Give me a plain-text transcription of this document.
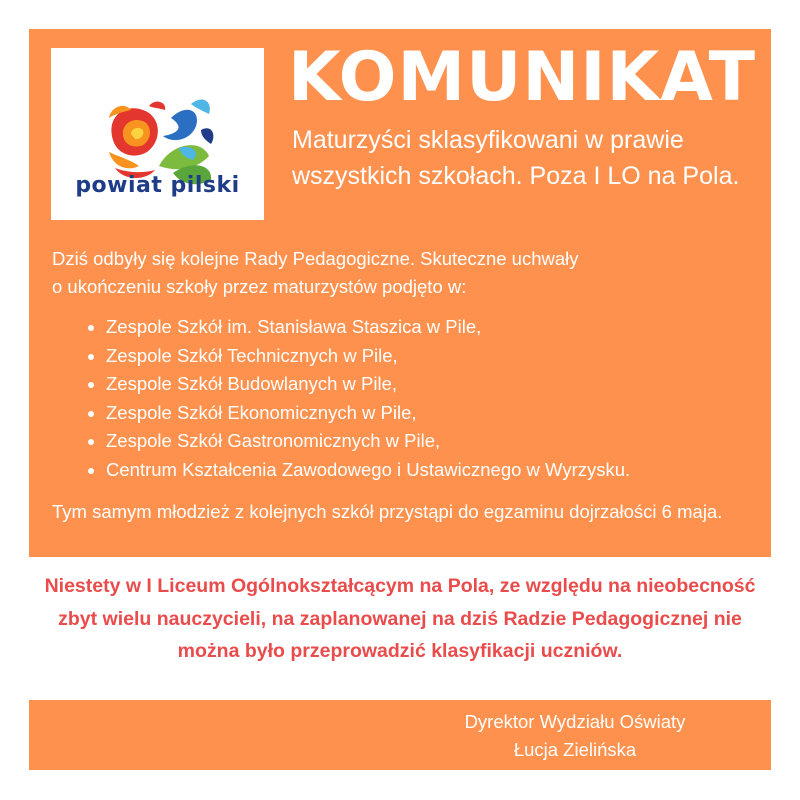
powiat pilski
KOMUNIKAT
Maturzyści sklasyfikowani w prawie wszystkich szkołach. Poza I LO na Pola.
Dziś odbyły się kolejne Rady Pedagogiczne. Skuteczne uchwały
o ukończeniu szkoły przez maturzystów podjęto w:
Zespole Szkół im. Stanisława Staszica w Pile,
Zespole Szkół Technicznych w Pile,
Zespole Szkół Budowlanych w Pile,
Zespole Szkół Ekonomicznych w Pile,
Zespole Szkół Gastronomicznych w Pile,
Centrum Kształcenia Zawodowego i Ustawicznego w Wyrzysku.
Tym samym młodzież z kolejnych szkół przystąpi do egzaminu dojrzałości 6 maja.
Niestety w I Liceum Ogólnokształcącym na Pola, ze względu na nieobecność zbyt wielu nauczycieli, na zaplanowanej na dziś Radzie Pedagogicznej nie można było przeprowadzić klasyfikacji uczniów.
Dyrektor Wydziału Oświaty
Łucja Zielińska
